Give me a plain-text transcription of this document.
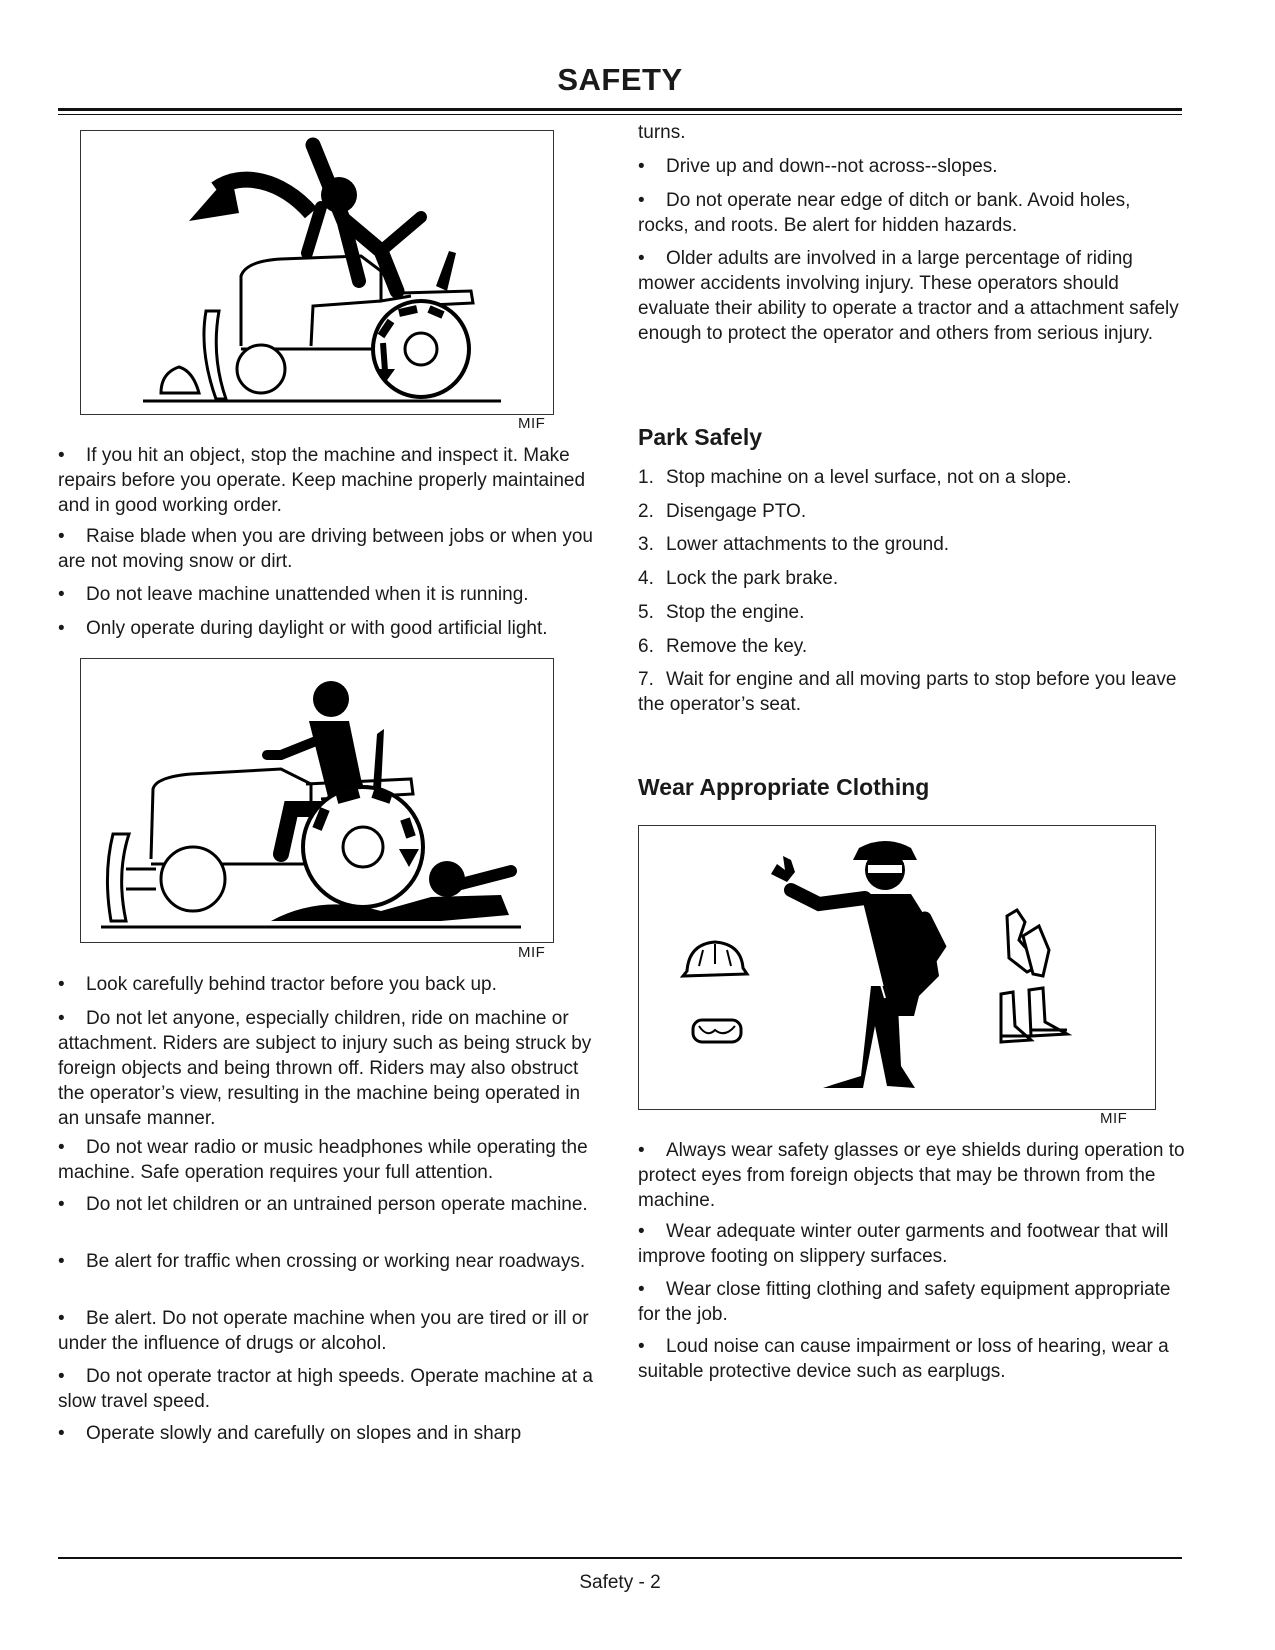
SAFETY
MIF

• If you hit an object, stop the machine and inspect it. Make repairs before you operate. Keep machine properly maintained and in good working order.

• Raise blade when you are driving between jobs or when you are not moving snow or dirt.

• Do not leave machine unattended when it is running.

• Only operate during daylight or with good artificial light.

MIF

• Look carefully behind tractor before you back up.

• Do not let anyone, especially children, ride on machine or attachment. Riders are subject to injury such as being struck by foreign objects and being thrown off. Riders may also obstruct the operator’s view, resulting in the machine being operated in an unsafe manner.

• Do not wear radio or music headphones while operating the machine. Safe operation requires your full attention.

• Do not let children or an untrained person operate machine.

• Be alert for traffic when crossing or working near roadways.

• Be alert. Do not operate machine when you are tired or ill or under the influence of drugs or alcohol.

• Do not operate tractor at high speeds. Operate machine at a slow travel speed.

• Operate slowly and carefully on slopes and in sharp

turns.

• Drive up and down--not across--slopes.

• Do not operate near edge of ditch or bank. Avoid holes, rocks, and roots. Be alert for hidden hazards.

• Older adults are involved in a large percentage of riding mower accidents involving injury. These operators should evaluate their ability to operate a tractor and a attachment safely enough to protect the operator and others from serious injury.

Park Safely

1. Stop machine on a level surface, not on a slope.

2. Disengage PTO.

3. Lower attachments to the ground.

4. Lock the park brake.

5. Stop the engine.

6. Remove the key.

7. Wait for engine and all moving parts to stop before you leave the operator’s seat.

Wear Appropriate Clothing
MIF

• Always wear safety glasses or eye shields during operation to protect eyes from foreign objects that may be thrown from the machine.

• Wear adequate winter outer garments and footwear that will improve footing on slippery surfaces.

• Wear close fitting clothing and safety equipment appropriate for the job.

• Loud noise can cause impairment or loss of hearing, wear a suitable protective device such as earplugs.

Safety - 2
